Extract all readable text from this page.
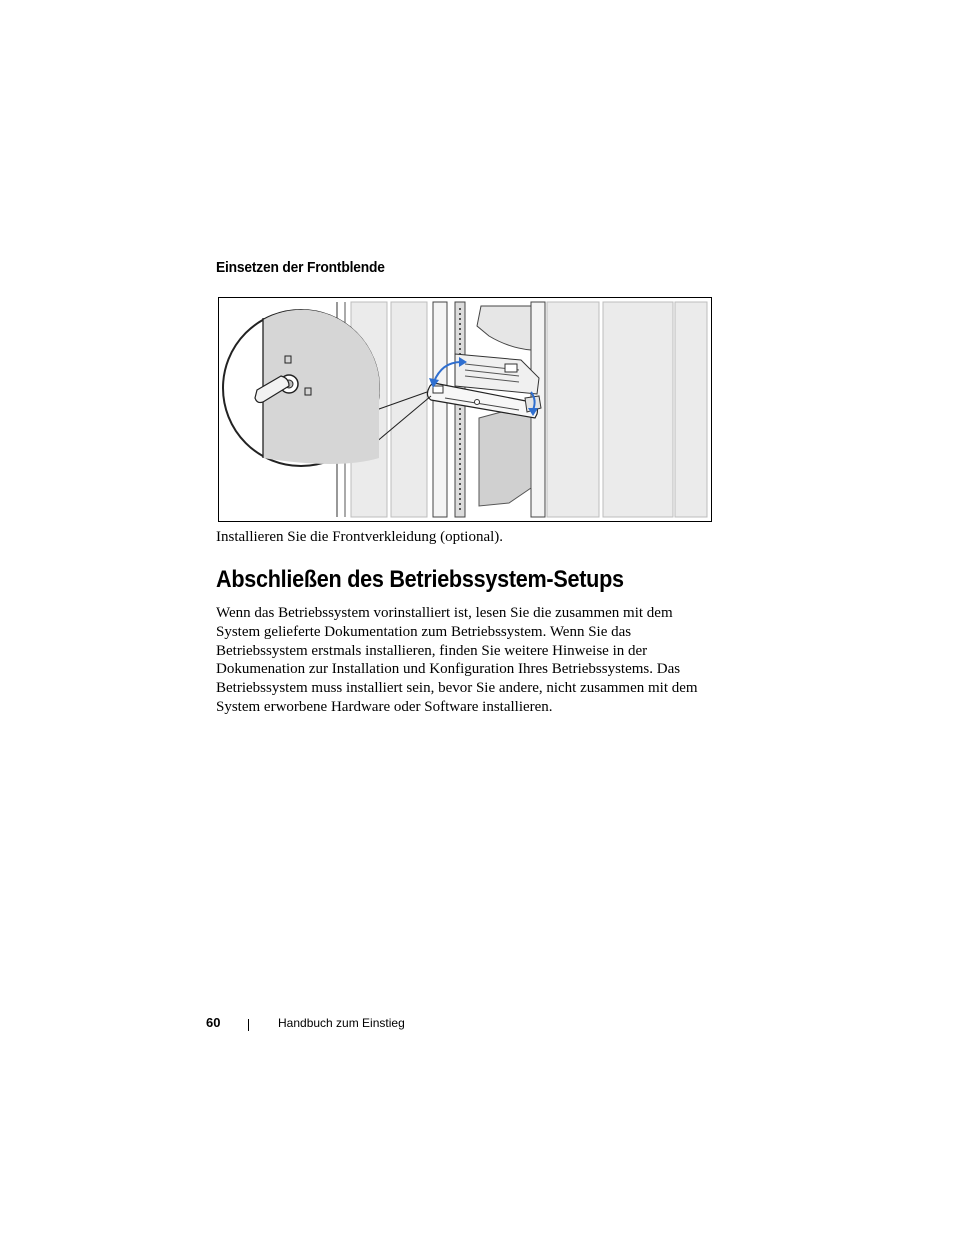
Einsetzen der Frontblende

Installieren Sie die Frontverkleidung (optional).

Abschließen des Betriebssystem-Setups

Wenn das Betriebssystem vorinstalliert ist, lesen Sie die zusammen mit dem
System gelieferte Dokumentation zum Betriebssystem. Wenn Sie das
Betriebssystem erstmals installieren, finden Sie weitere Hinweise in der
Dokumenation zur Installation und Konfiguration Ihres Betriebssystems. Das
Betriebssystem muss installiert sein, bevor Sie andere, nicht zusammen mit dem
System erworbene Hardware oder Software installieren.

60	Handbuch zum Einstieg
